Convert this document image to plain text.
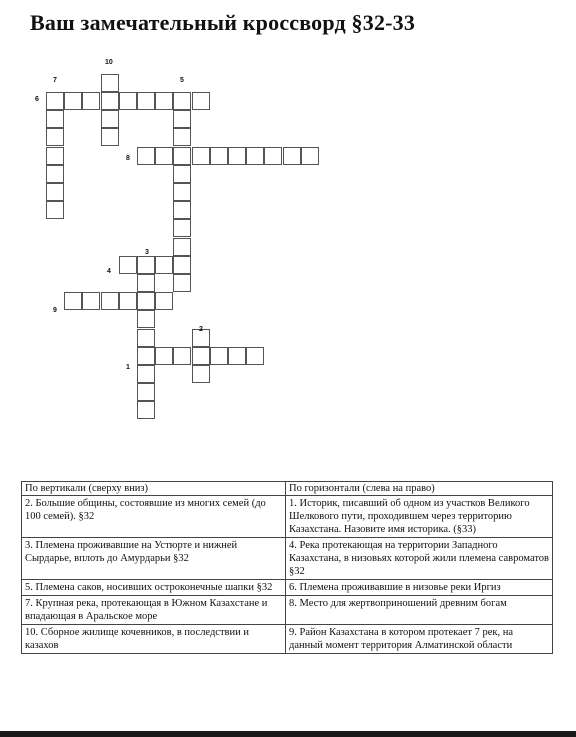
Ваш замечательный кроссворд §32-33
10
7	5
6
8
3
4
9
2
1
По вертикали (сверху вниз)	По горизонтали (слева на право)
2. Большие общины, состоявшие из многих семей (до 100 семей). §32	1. Историк, писавший об одном из участков Великого Шелкового пути, проходившем через территорию Казахстана. Назовите имя историка. (§33)
3. Племена проживавшие на Устюрте и нижней Сырдарье, вплоть до Амурдарьи §32	4. Река протекающая на территории Западного Казахстана, в низовьях которой жили племена савроматов §32
5. Племена саков, носивших остроконечные шапки §32	6. Племена проживавшие в низовье реки Иргиз
7. Крупная река, протекающая в Южном Казахстане и впадающая в Аральское море	8. Место для жертвоприношений древним богам
10. Сборное жилище кочевников, в последствии и казахов	9. Район Казахстана в котором протекает 7 рек, на данный момент территория Алматинской области
